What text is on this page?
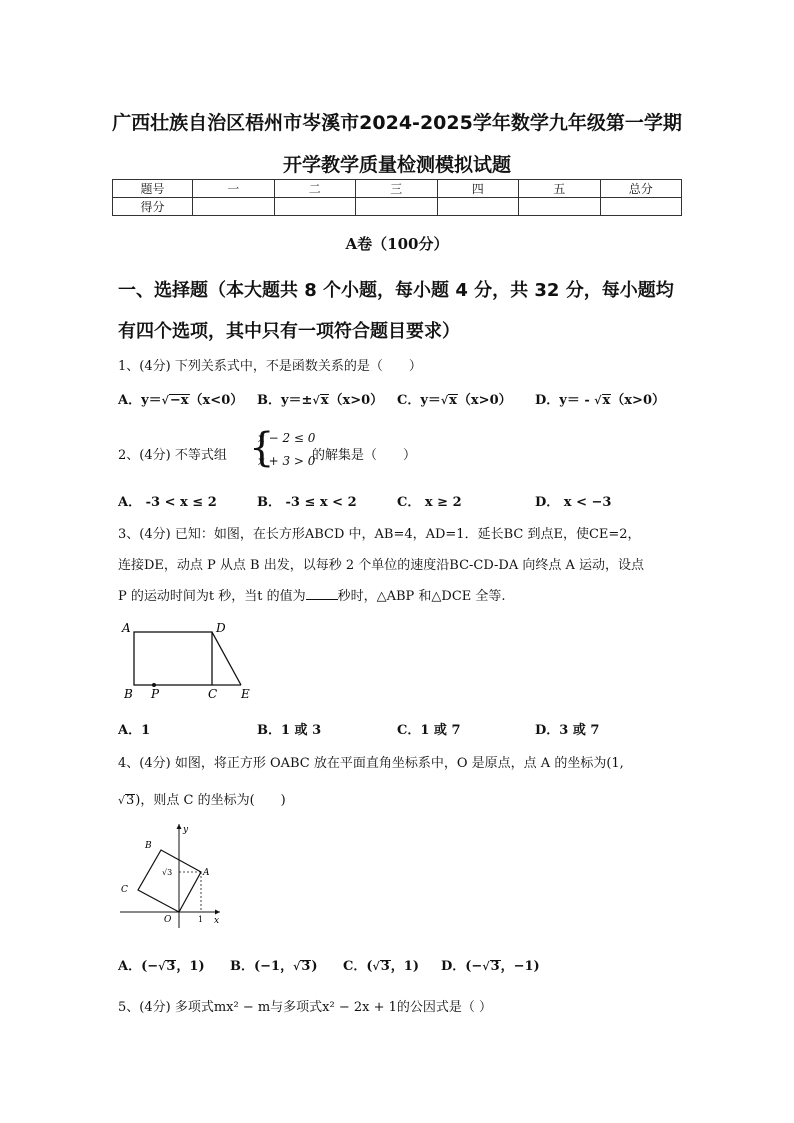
广西壮族自治区梧州市岑溪市2024-2025学年数学九年级第一学期
开学教学质量检测模拟试题
题号	一	二	三	四	五	总分
得分						
A卷（100分）
一、选择题（本大题共 8 个小题，每小题 4 分，共 32 分，每小题均
有四个选项，其中只有一项符合题目要求）
1、(4分) 下列关系式中，不是函数关系的是（　　）
A．y＝√−x（x<0） B．y＝±√x（x>0） C．y＝√x（x>0） D．y＝ - √x（x>0）
2、(4分) 不等式组 {
x − 2 ≤ 0
x + 3 > 0
的解集是（　　）
A． -3 < x ≤ 2	B． -3 ≤ x < 2	C． x ≥ 2	D． x < −3
3、(4分) 已知：如图，在长方形ABCD 中，AB=4，AD=1．延长BC 到点E，使CE=2，
连接DE，动点 P 从点 B 出发，以每秒 2 个单位的速度沿BC-CD-DA 向终点 A 运动，设点
P 的运动时间为t 秒，当t 的值为 秒时，△ABP 和△DCE 全等.
A	D
B P	C E
A．1	B．1 或 3	C．1 或 7	D．3 或 7
4、(4分) 如图，将正方形 OABC 放在平面直角坐标系中，O 是原点，点 A 的坐标为(1,
√3)，则点 C 的坐标为(　　)
y
x
B
A
C
O	1
√3
A．(−√3，1) B．(−1，√3) C．(√3，1) D．(−√3，−1)
5、(4分) 多项式mx² − m与多项式x² − 2x + 1的公因式是（ ）
